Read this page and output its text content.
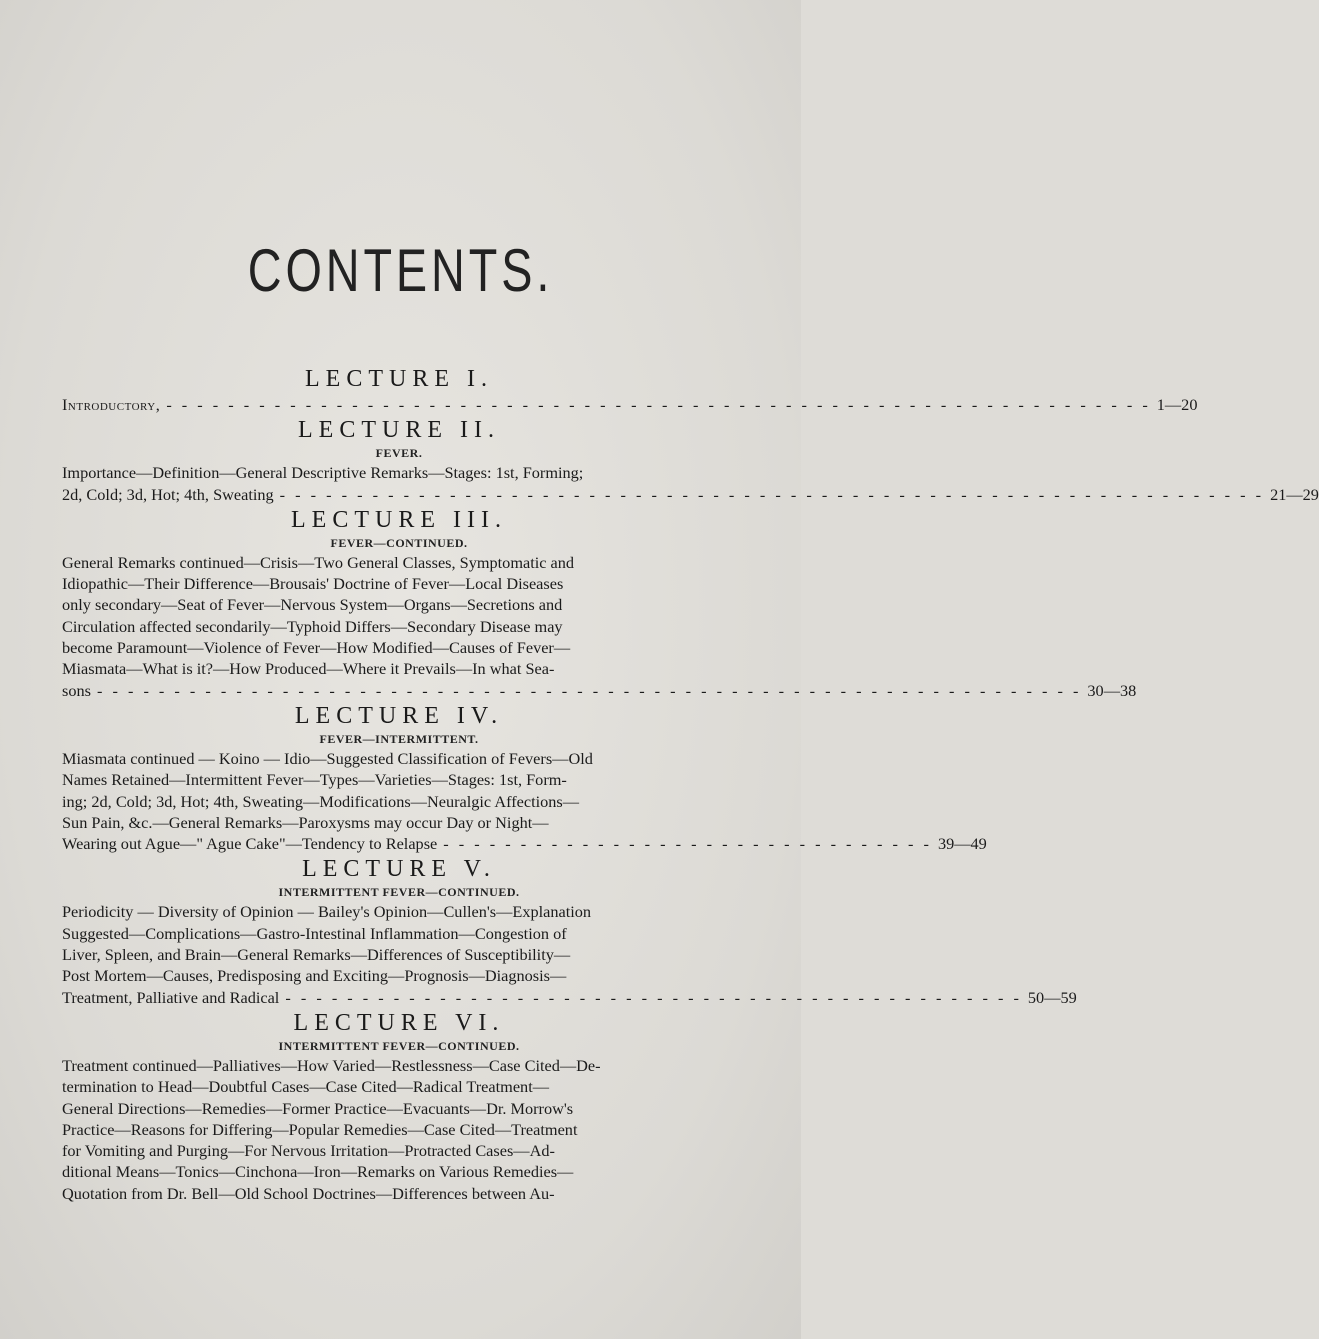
CONTENTS.
LECTURE I.
Introductory, - - - - - - - - - - - - - - - - - - - - - - - - - - - - - - - - - - - - - - - - - - - - - - - - - - - - - - - - - - - - - - - - 1—20
LECTURE II.

FEVER.

Importance—Definition—General Descriptive Remarks—Stages: 1st, Forming;

2d, Cold; 3d, Hot; 4th, Sweating - - - - - - - - - - - - - - - - - - - - - - - - - - - - - - - - - - - - - - - - - - - - - - - - - - - - - - - - - - - - - - - - 21—29
LECTURE III.

FEVER—CONTINUED.

General Remarks continued—Crisis—Two General Classes, Symptomatic and

Idiopathic—Their Difference—Brousais' Doctrine of Fever—Local Diseases

only secondary—Seat of Fever—Nervous System—Organs—Secretions and

Circulation affected secondarily—Typhoid Differs—Secondary Disease may

become Paramount—Violence of Fever—How Modified—Causes of Fever—

Miasmata—What is it?—How Produced—Where it Prevails—In what Sea-

sons - - - - - - - - - - - - - - - - - - - - - - - - - - - - - - - - - - - - - - - - - - - - - - - - - - - - - - - - - - - - - - - - 30—38
LECTURE IV.

FEVER—INTERMITTENT.

Miasmata continued — Koino — Idio—Suggested Classification of Fevers—Old

Names Retained—Intermittent Fever—Types—Varieties—Stages: 1st, Form-

ing; 2d, Cold; 3d, Hot; 4th, Sweating—Modifications—Neuralgic Affections—

Sun Pain, &c.—General Remarks—Paroxysms may occur Day or Night—

Wearing out Ague—" Ague Cake"—Tendency to Relapse - - - - - - - - - - - - - - - - - - - - - - - - - - - - - - - - 39—49
LECTURE V.

INTERMITTENT FEVER—CONTINUED.

Periodicity — Diversity of Opinion — Bailey's Opinion—Cullen's—Explanation

Suggested—Complications—Gastro-Intestinal Inflammation—Congestion of

Liver, Spleen, and Brain—General Remarks—Differences of Susceptibility—

Post Mortem—Causes, Predisposing and Exciting—Prognosis—Diagnosis—

Treatment, Palliative and Radical - - - - - - - - - - - - - - - - - - - - - - - - - - - - - - - - - - - - - - - - - - - - - - - - 50—59
LECTURE VI.

INTERMITTENT FEVER—CONTINUED.

Treatment continued—Palliatives—How Varied—Restlessness—Case Cited—De-

termination to Head—Doubtful Cases—Case Cited—Radical Treatment—

General Directions—Remedies—Former Practice—Evacuants—Dr. Morrow's

Practice—Reasons for Differing—Popular Remedies—Case Cited—Treatment

for Vomiting and Purging—For Nervous Irritation—Protracted Cases—Ad-

ditional Means—Tonics—Cinchona—Iron—Remarks on Various Remedies—

Quotation from Dr. Bell—Old School Doctrines—Differences between Au-
